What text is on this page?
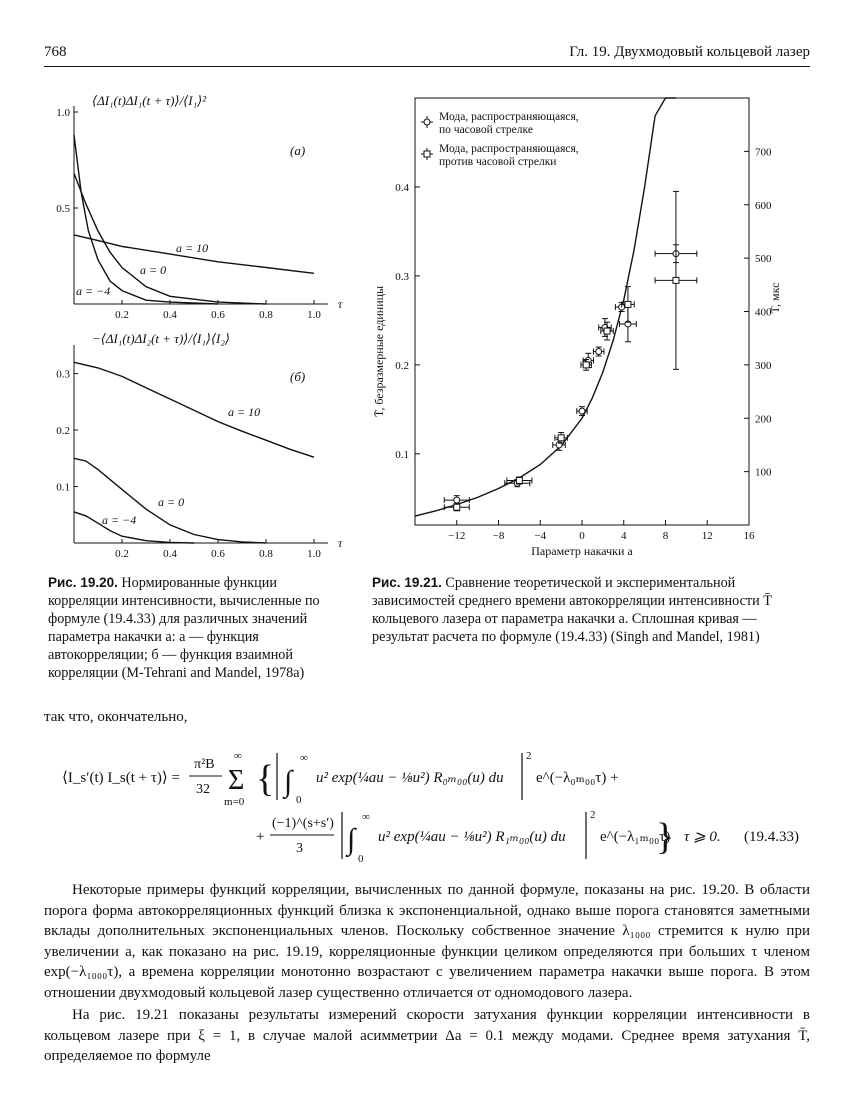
768	Гл. 19. Двухмодовый кольцевой лазер
⟨ΔI₁(t)ΔI₁(t + τ)⟩/⟨I₁⟩²
(а)
0.2	0.4	0.6	0.8	1.0
0.5
1.0
τ
a = 10
a = 0
a = −4
−⟨ΔI₁(t)ΔI₂(t + τ)⟩/⟨I₁⟩⟨I₂⟩
(б)
0.2	0.4	0.6	0.8	1.0
0.1
0.2
0.3
τ
a = 10
a = 0
a = −4
−12 −8	−4	0	4	8	12	16
0.1
0.2
0.3
0.4
100
200
300
400
500
600
700
Параметр накачки a
T̄, безразмерные единицы	T̄, мкс
Мода, распространяющаяся,
по часовой стрелке
Мода, распространяющаяся,
против часовой стрелки
Рис. 19.20. Нормированные функции корреляции интенсивности, вычисленные по формуле (19.4.33) для различных значений параметра накачки a: а — функция автокорреляции; б — функция взаимной корреляции (M-Tehrani and Mandel, 1978a)
Рис. 19.21. Сравнение теоретической и экспериментальной зависимостей среднего времени автокорреляции интенсивности T̄ кольцевого лазера от параметра накачки a. Сплошная кривая — результат расчета по формуле (19.4.33) (Singh and Mandel, 1981)
так что, окончательно,
⟨I_s′(t) I_s(t + τ)⟩ =
π²B
32
∞
Σ
m=0
{ ∫
∞
0
u² exp(¼au − ⅛u²) R₀ₘ₀₀(u) du
2
e^(−λ₀ₘ₀₀τ) +
+
(−1)^(s+s′)
3 ∫
∞
0
u² exp(¼au − ⅛u²) R₁ₘ₀₀(u) du
2
e^(−λ₁ₘ₀₀τ)
} τ ⩾ 0. (19.4.33)
Некоторые примеры функций корреляции, вычисленных по данной формуле, показаны на рис. 19.20. В области порога форма автокорреляционных функций близка к экспоненциальной, однако выше порога становятся заметными вклады дополнительных экспоненциальных членов. Поскольку собственное значение λ₁₀₀₀ стремится к нулю при увеличении a, как показано на рис. 19.19, корреляционные функции целиком определяются при больших τ членом exp(−λ₁₀₀₀τ), а времена корреляции монотонно возрастают с увеличением параметра накачки выше порога. В этом отношении двухмодовый кольцевой лазер существенно отличается от одномодового лазера.
На рис. 19.21 показаны результаты измерений скорости затухания функции корреляции интенсивности в кольцевом лазере при ξ = 1, в случае малой асимметрии Δa = 0.1 между модами. Среднее время затухания T̄, определяемое по формуле
